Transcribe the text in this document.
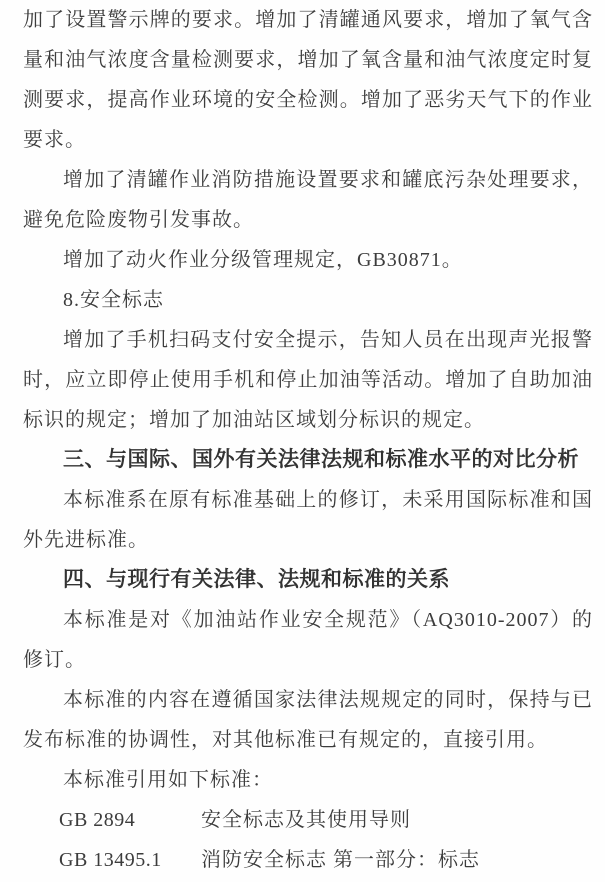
加了设置警示牌的要求。增加了清罐通风要求，增加了氧气含量和油气浓度含量检测要求，增加了氧含量和油气浓度定时复测要求，提高作业环境的安全检测。增加了恶劣天气下的作业要求。

增加了清罐作业消防措施设置要求和罐底污杂处理要求，避免危险废物引发事故。

增加了动火作业分级管理规定，GB30871。

8.安全标志

增加了手机扫码支付安全提示，告知人员在出现声光报警时，应立即停止使用手机和停止加油等活动。增加了自助加油标识的规定；增加了加油站区域划分标识的规定。

三、与国际、国外有关法律法规和标准水平的对比分析

本标准系在原有标准基础上的修订，未采用国际标准和国外先进标准。

四、与现行有关法律、法规和标准的关系

本标准是对《加油站作业安全规范》（AQ3010-2007）的修订。

本标准的内容在遵循国家法律法规规定的同时，保持与已发布标准的协调性，对其他标准已有规定的，直接引用。

本标准引用如下标准：

GB 2894	安全标志及其使用导则
GB 13495.1	消防安全标志 第一部分：标志
